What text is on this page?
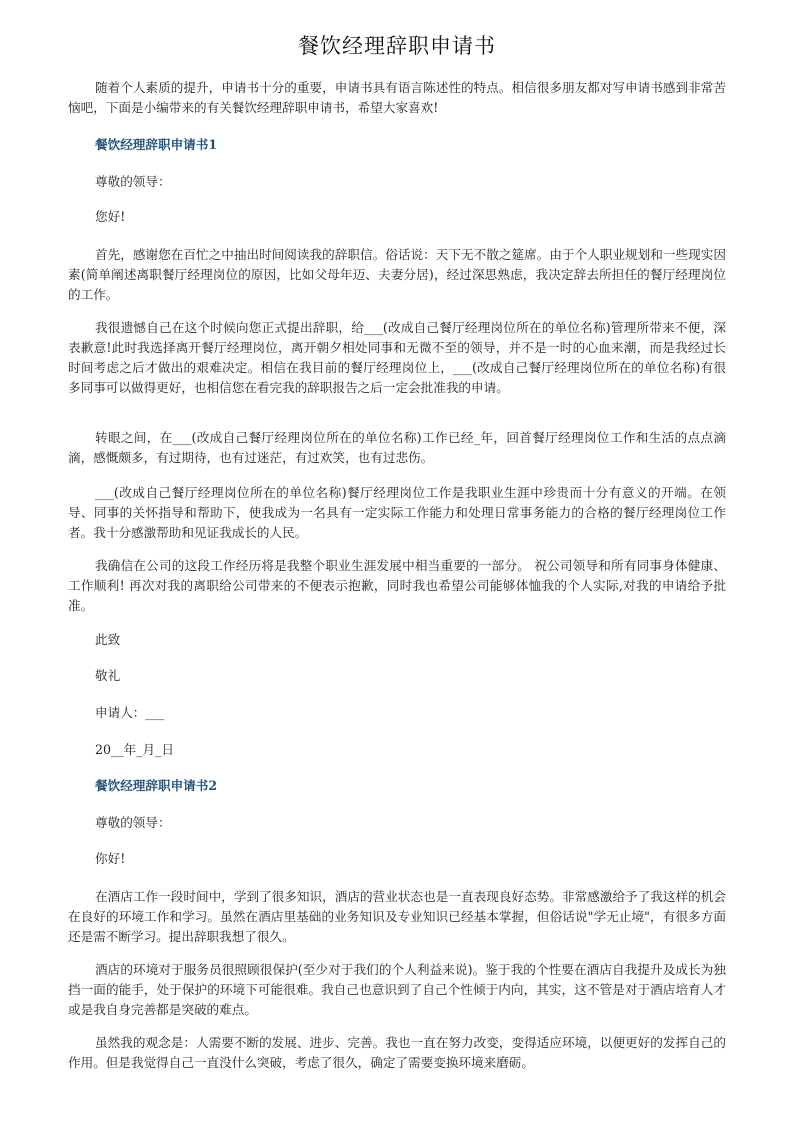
餐饮经理辞职申请书
随着个人素质的提升，申请书十分的重要，申请书具有语言陈述性的特点。相信很多朋友都对写申请书感到非常苦恼吧，下面是小编带来的有关餐饮经理辞职申请书，希望大家喜欢!
餐饮经理辞职申请书1
尊敬的领导：
您好!
首先，感谢您在百忙之中抽出时间阅读我的辞职信。俗话说：天下无不散之筵席。由于个人职业规划和一些现实因素(简单阐述离职餐厅经理岗位的原因，比如父母年迈、夫妻分居)，经过深思熟虑，我决定辞去所担任的餐厅经理岗位的工作。
我很遗憾自己在这个时候向您正式提出辞职，给___(改成自己餐厅经理岗位所在的单位名称)管理所带来不便，深表歉意!此时我选择离开餐厅经理岗位，离开朝夕相处同事和无微不至的领导，并不是一时的心血来潮，而是我经过长时间考虑之后才做出的艰难决定。相信在我目前的餐厅经理岗位上，___(改成自己餐厅经理岗位所在的单位名称)有很多同事可以做得更好，也相信您在看完我的辞职报告之后一定会批准我的申请。
转眼之间，在___(改成自己餐厅经理岗位所在的单位名称)工作已经_年，回首餐厅经理岗位工作和生活的点点滴滴，感慨颇多，有过期待，也有过迷茫，有过欢笑，也有过悲伤。
___(改成自己餐厅经理岗位所在的单位名称)餐厅经理岗位工作是我职业生涯中珍贵而十分有意义的开端。在领导、同事的关怀指导和帮助下，使我成为一名具有一定实际工作能力和处理日常事务能力的合格的餐厅经理岗位工作者。我十分感激帮助和见证我成长的人民。
我确信在公司的这段工作经历将是我整个职业生涯发展中相当重要的一部分。 祝公司领导和所有同事身体健康、工作顺利! 再次对我的离职给公司带来的不便表示抱歉，同时我也希望公司能够体恤我的个人实际,对我的申请给予批准。
此致
敬礼
申请人：___
20__年_月_日
餐饮经理辞职申请书2
尊敬的领导：
你好!
在酒店工作一段时间中，学到了很多知识，酒店的营业状态也是一直表现良好态势。非常感激给予了我这样的机会在良好的环境工作和学习。虽然在酒店里基础的业务知识及专业知识已经基本掌握，但俗话说"学无止境"，有很多方面还是需不断学习。提出辞职我想了很久。
酒店的环境对于服务员很照顾很保护(至少对于我们的个人利益来说)。鉴于我的个性要在酒店自我提升及成长为独挡一面的能手，处于保护的环境下可能很难。我自己也意识到了自己个性倾于内向，其实，这不管是对于酒店培育人才或是我自身完善都是突破的难点。
虽然我的观念是：人需要不断的发展、进步、完善。我也一直在努力改变，变得适应环境，以便更好的发挥自己的作用。但是我觉得自己一直没什么突破，考虑了很久，确定了需要变换环境来磨砺。
